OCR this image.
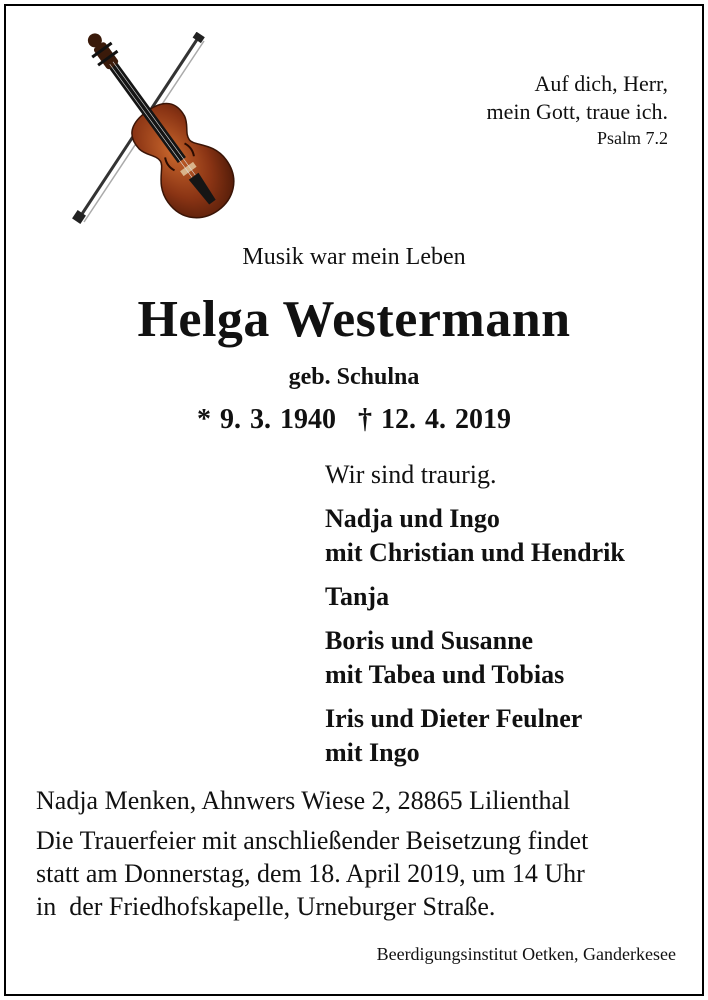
Auf dich, Herr,
mein Gott, traue ich.
Psalm 7.2
Musik war mein Leben
Helga Westermann
geb. Schulna
* 9. 3. 1940 † 12. 4. 2019
Wir sind traurig.
Nadja und Ingo
mit Christian und Hendrik
Tanja
Boris und Susanne
mit Tabea und Tobias
Iris und Dieter Feulner
mit Ingo
Nadja Menken, Ahnwers Wiese 2, 28865 Lilienthal
Die Trauerfeier mit anschließender Beisetzung findet
statt am Donnerstag, dem 18. April 2019, um 14 Uhr
in  der Friedhofskapelle, Urneburger Straße.
Beerdigungsinstitut Oetken, Ganderkesee
